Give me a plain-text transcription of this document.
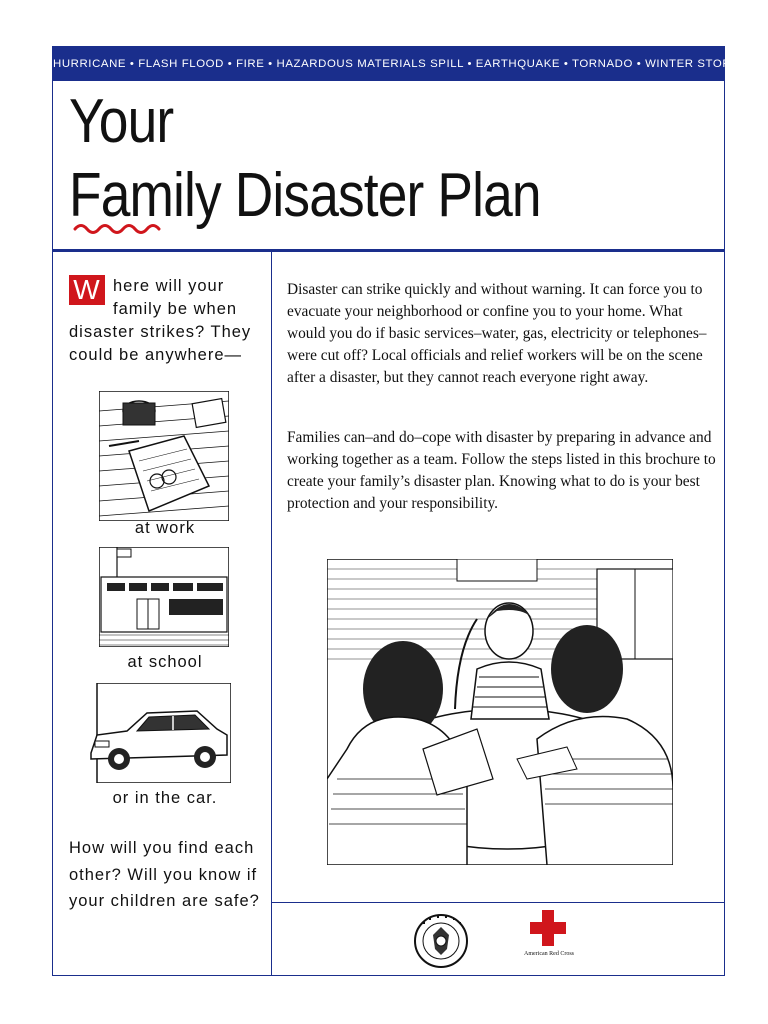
HURRICANE • FLASH FLOOD • FIRE • HAZARDOUS MATERIALS SPILL • EARTHQUAKE • TORNADO • WINTER STORM
Your
Family Disaster Plan
W here will your family be when disaster strikes? They could be anywhere—
at work
at school
or in the car.
How will you find each other? Will you know if your children are safe?
Disaster can strike quickly and without warning. It can force you to evacuate your neighborhood or confine you to your home. What would you do if basic services–water, gas, electricity or telephones–were cut off? Local officials and relief workers will be on the scene after a disaster, but they cannot reach everyone right away.
Families can–and do–cope with disaster by preparing in advance and working together as a team. Follow the steps listed in this brochure to create your family’s disaster plan. Knowing what to do is your best protection and your responsibility.
American Red Cross
